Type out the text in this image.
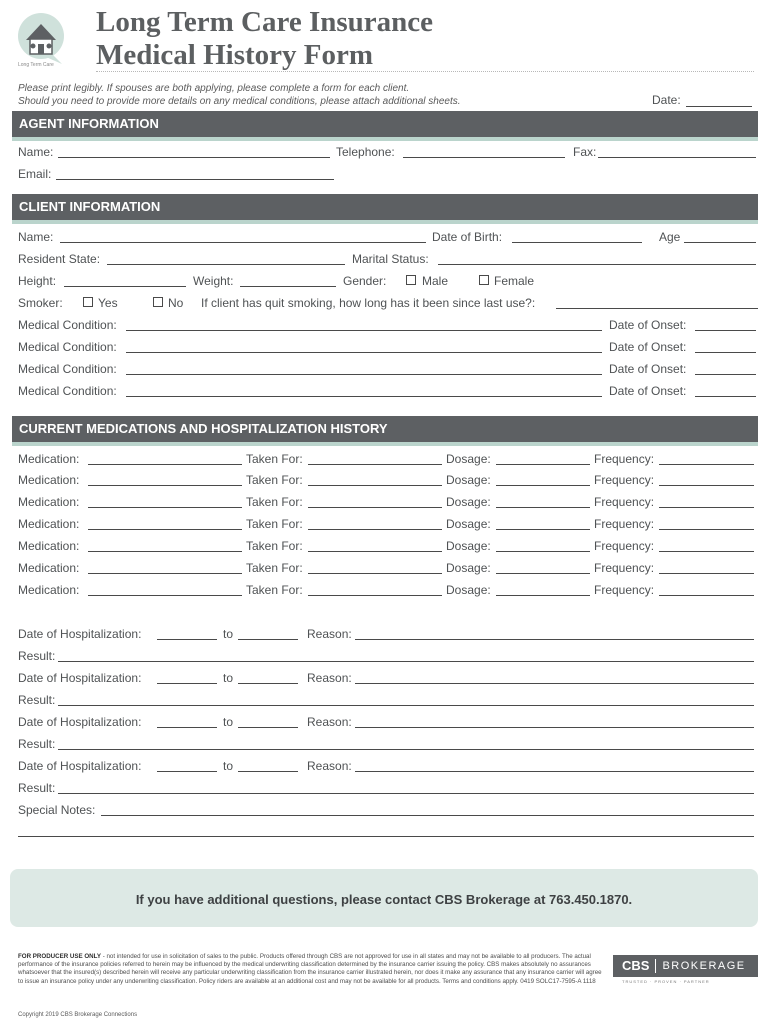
Long Term Care
Long Term Care Insurance
Medical History Form
Please print legibly. If spouses are both applying, please complete a form for each client.
Should you need to provide more details on any medical conditions, please attach additional sheets.	Date:
AGENT INFORMATION
Name:	Telephone:	Fax:
Email:
CLIENT INFORMATION
Name:	Date of Birth:	Age
Resident State:	Marital Status:
Height:	Weight:	Gender:	Male	Female
Smoker:	Yes	No If client has quit smoking, how long has it been since last use?:
Medical Condition:	Date of Onset:
Medical Condition:	Date of Onset:
Medical Condition:	Date of Onset:
Medical Condition:	Date of Onset:
CURRENT MEDICATIONS AND HOSPITALIZATION HISTORY
Medication:	Taken For:	Dosage:	Frequency:
Medication:	Taken For:	Dosage:	Frequency:
Medication:	Taken For:	Dosage:	Frequency:
Medication:	Taken For:	Dosage:	Frequency:
Medication:	Taken For:	Dosage:	Frequency:
Medication:	Taken For:	Dosage:	Frequency:
Medication:	Taken For:	Dosage:	Frequency:
Date of Hospitalization:	to	Reason:
Result:
Date of Hospitalization:	to	Reason:
Result:
Date of Hospitalization:	to	Reason:
Result:
Date of Hospitalization:	to	Reason:
Result:
Special Notes:
If you have additional questions, please contact CBS Brokerage at 763.450.1870.
FOR PRODUCER USE ONLY - not intended for use in solicitation of sales to the public. Products offered through CBS are not approved for use in all states and may not be available to all producers. The actual performance of the insurance policies referred to herein may be influenced by the medical underwriting classification determined by the insurance carrier issuing the policy. CBS makes absolutely no assurances whatsoever that the insured(s) described herein will receive any particular underwriting classification from the insurance carrier illustrated herein, nor does it make any assurance that any insurance carrier will agree to issue an insurance policy under any underwriting classification. Policy riders are available at an additional cost and may not be available for all products. Terms and conditions apply. 0419 SOLC17-7595-A 1118
Copyright 2019 CBS Brokerage Connections
CBS	BROKERAGE
TRUSTED · PROVEN · PARTNER
